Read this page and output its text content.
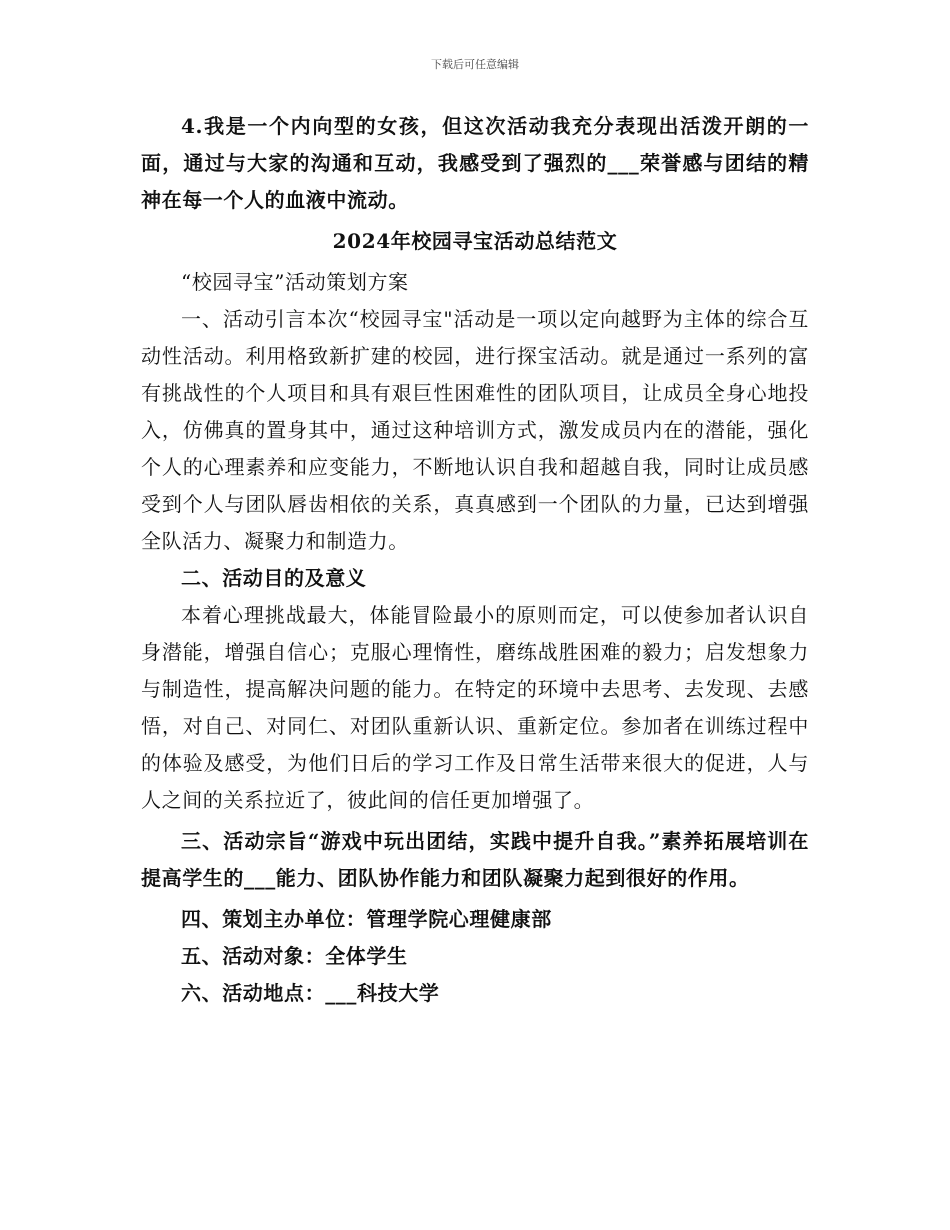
下载后可任意编辑

4.我是一个内向型的女孩，但这次活动我充分表现出活泼开朗的一面，通过与大家的沟通和互动，我感受到了强烈的___荣誉感与团结的精神在每一个人的血液中流动。

2024年校园寻宝活动总结范文

“校园寻宝”活动策划方案

一、活动引言本次“校园寻宝"活动是一项以定向越野为主体的综合互动性活动。利用格致新扩建的校园，进行探宝活动。就是通过一系列的富有挑战性的个人项目和具有艰巨性困难性的团队项目，让成员全身心地投入，仿佛真的置身其中，通过这种培训方式，激发成员内在的潜能，强化个人的心理素养和应变能力，不断地认识自我和超越自我，同时让成员感受到个人与团队唇齿相依的关系，真真感到一个团队的力量，已达到增强全队活力、凝聚力和制造力。

二、活动目的及意义

本着心理挑战最大，体能冒险最小的原则而定，可以使参加者认识自身潜能，增强自信心；克服心理惰性，磨练战胜困难的毅力；启发想象力与制造性，提高解决问题的能力。在特定的环境中去思考、去发现、去感悟，对自己、对同仁、对团队重新认识、重新定位。参加者在训练过程中的体验及感受，为他们日后的学习工作及日常生活带来很大的促进，人与人之间的关系拉近了，彼此间的信任更加增强了。

三、活动宗旨“游戏中玩出团结，实践中提升自我。”素养拓展培训在提高学生的___能力、团队协作能力和团队凝聚力起到很好的作用。

四、策划主办单位：管理学院心理健康部

五、活动对象：全体学生

六、活动地点：___科技大学
